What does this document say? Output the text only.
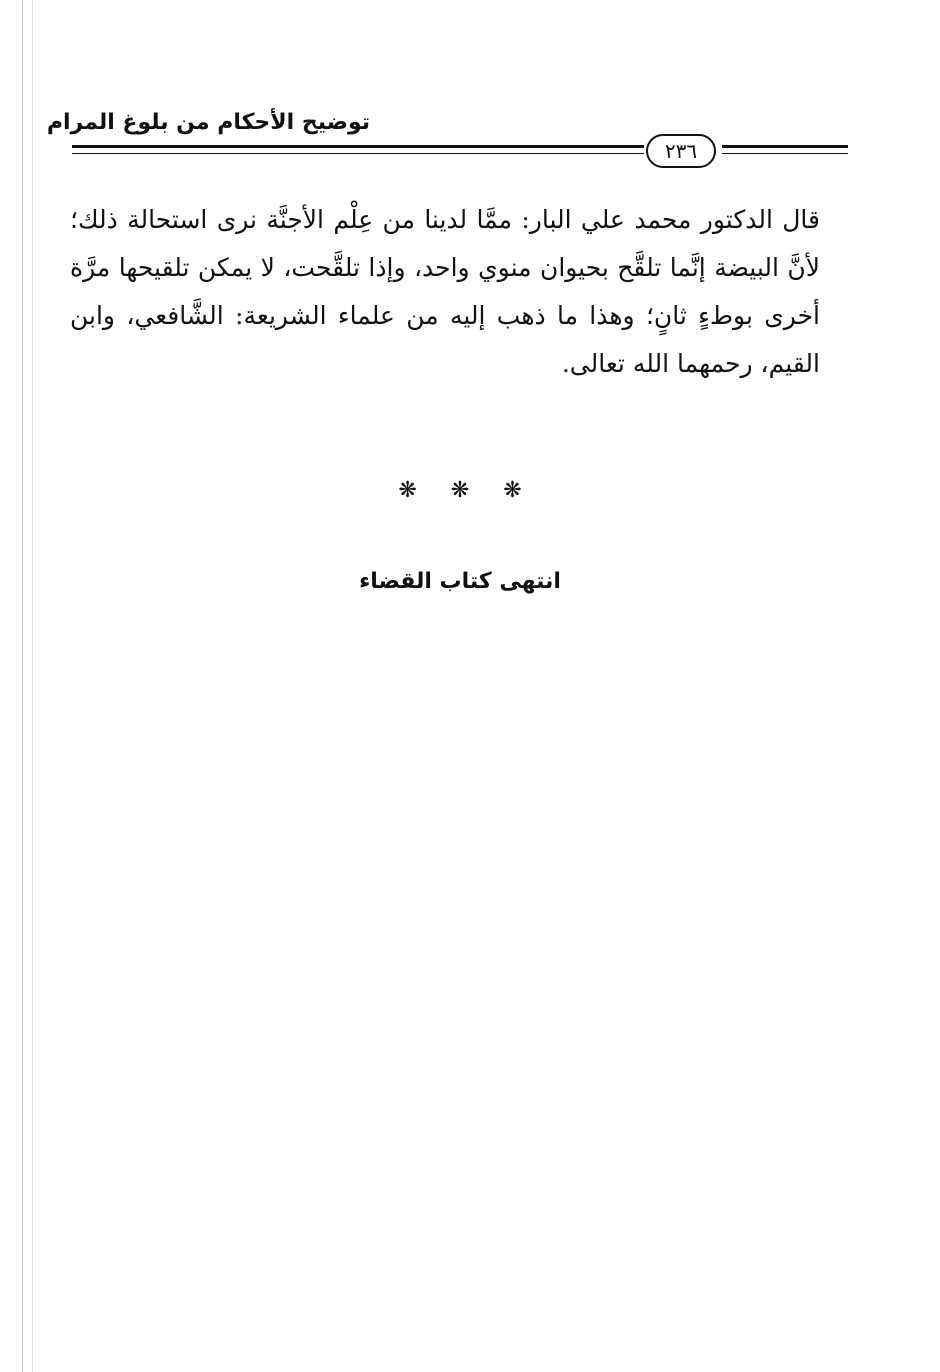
توضيح الأحكام من بلوغ المرام
٢٣٦

قال الدكتور محمد علي البار: ممَّا لدينا من عِلْم الأجنَّة نرى استحالة ذلك؛ لأنَّ البيضة إنَّما تلقَّح بحيوان منوي واحد، وإذا تلقَّحت، لا يمكن تلقيحها مرَّة أخرى بوطءٍ ثانٍ؛ وهذا ما ذهب إليه من علماء الشريعة: الشَّافعي، وابن القيم، رحمهما الله تعالى.

❋
❋
❋
انتهى كتاب القضاء
